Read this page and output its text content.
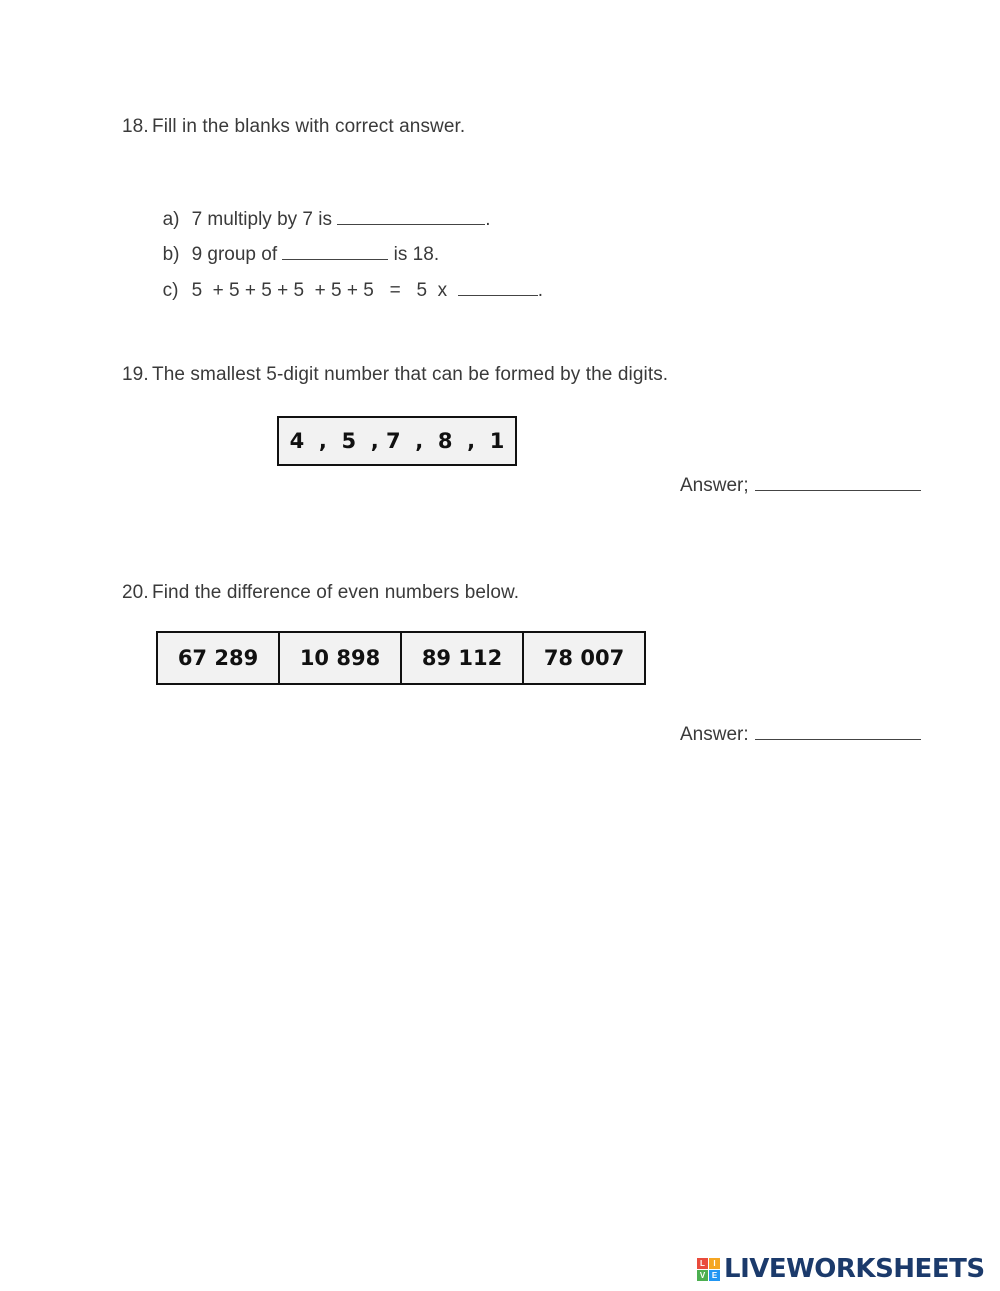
18. Fill in the blanks with correct answer.

a) 7 multiply by 7 is	.

b) 9 group of	is 18.

c) 5  + 5 + 5 + 5  + 5 + 5   =   5  x	.

19. The smallest 5-digit number that can be formed by the digits.
4  ,  5  , 7  ,  8  ,  1
Answer;
20. Find the difference of even numbers below.
67 289	10 898	89 112	78 007
Answer:
L	I
V E LIVEWORKSHEETS
